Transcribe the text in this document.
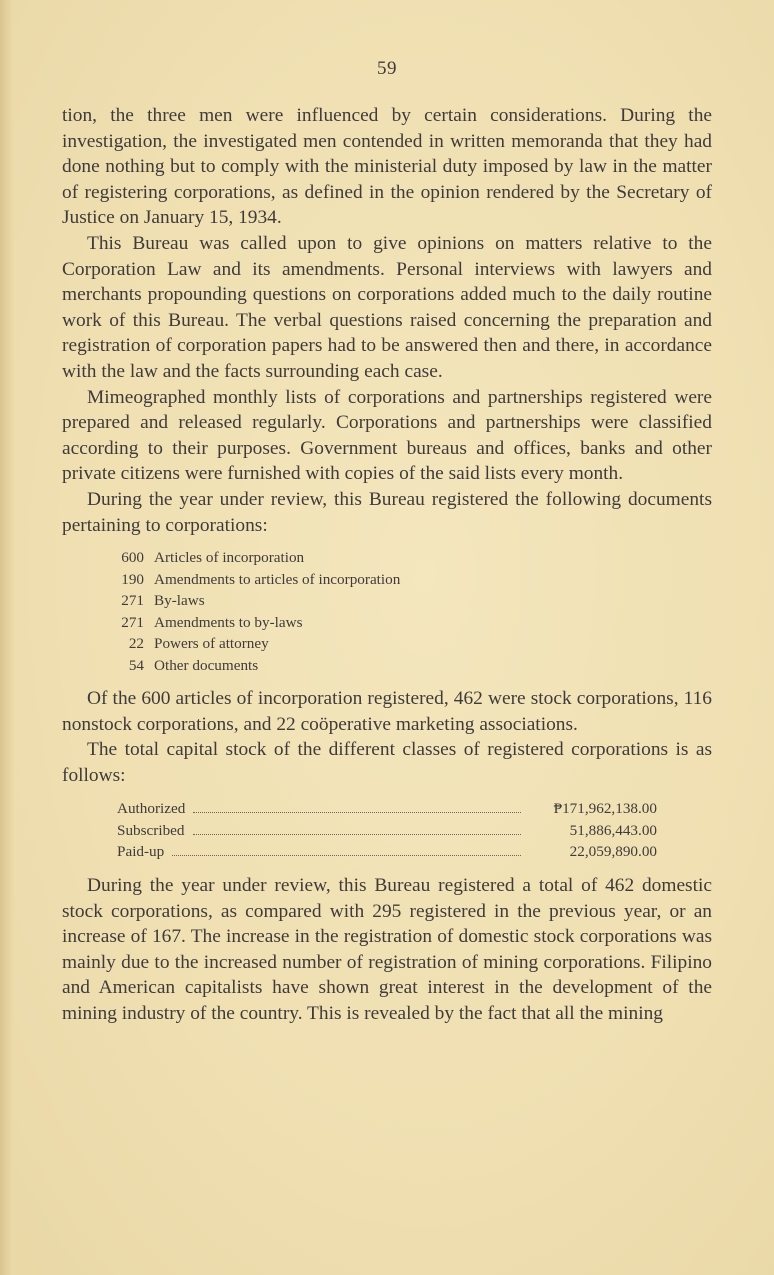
59

tion, the three men were influenced by certain considerations. During the investigation, the investigated men contended in written memoranda that they had done nothing but to comply with the ministerial duty imposed by law in the matter of registering corporations, as defined in the opinion rendered by the Secretary of Justice on January 15, 1934.

This Bureau was called upon to give opinions on matters relative to the Corporation Law and its amendments. Personal interviews with lawyers and merchants propounding questions on corporations added much to the daily routine work of this Bureau. The verbal questions raised concerning the preparation and registration of corporation papers had to be answered then and there, in accordance with the law and the facts surrounding each case.

Mimeographed monthly lists of corporations and partnerships registered were prepared and released regularly. Corporations and partnerships were classified according to their purposes. Government bureaus and offices, banks and other private citizens were furnished with copies of the said lists every month.

During the year under review, this Bureau registered the following documents pertaining to corporations:

600 Articles of incorporation
190 Amendments to articles of incorporation
271 By-laws
271 Amendments to by-laws
22 Powers of attorney
54 Other documents

Of the 600 articles of incorporation registered, 462 were stock corporations, 116 nonstock corporations, and 22 coöperative marketing associations.

The total capital stock of the different classes of registered corporations is as follows:

Authorized	₱171,962,138.00
Subscribed	51,886,443.00
Paid-up	22,059,890.00

During the year under review, this Bureau registered a total of 462 domestic stock corporations, as compared with 295 registered in the previous year, or an increase of 167. The increase in the registration of domestic stock corporations was mainly due to the increased number of registration of mining corporations. Filipino and American capitalists have shown great interest in the development of the mining industry of the country. This is revealed by the fact that all the mining
